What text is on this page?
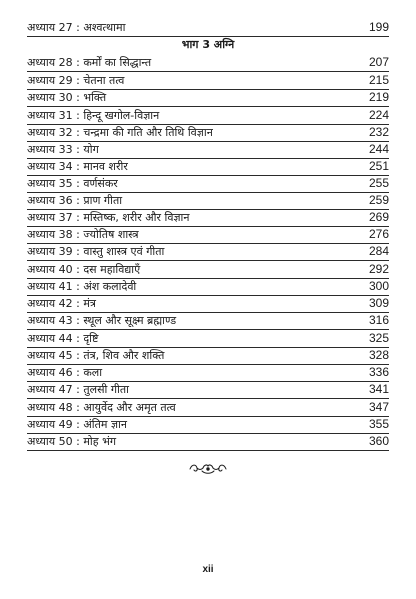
अध्याय 27 : अश्वत्थामा	199
भाग 3 अग्नि
अध्याय 28 : कर्मों का सिद्धान्त	207
अध्याय 29 : चेतना तत्व	215
अध्याय 30 : भक्ति	219
अध्याय 31 : हिन्दू खगोल-विज्ञान	224
अध्याय 32 : चन्द्रमा की गति और तिथि विज्ञान	232
अध्याय 33 : योग	244
अध्याय 34 : मानव शरीर	251
अध्याय 35 : वर्णसंकर	255
अध्याय 36 : प्राण गीता	259
अध्याय 37 : मस्तिष्क, शरीर और विज्ञान	269
अध्याय 38 : ज्योतिष शास्त्र	276
अध्याय 39 : वास्तु शास्त्र एवं गीता	284
अध्याय 40 : दस महाविद्याएँ	292
अध्याय 41 : अंश कलादेवी	300
अध्याय 42 : मंत्र	309
अध्याय 43 : स्थूल और सूक्ष्म ब्रह्माण्ड	316
अध्याय 44 : दृष्टि	325
अध्याय 45 : तंत्र, शिव और शक्ति	328
अध्याय 46 : कला	336
अध्याय 47 : तुलसी गीता	341
अध्याय 48 : आयुर्वेद और अमृत तत्व	347
अध्याय 49 : अंतिम ज्ञान	355
अध्याय 50 : मोह भंग	360
xii
